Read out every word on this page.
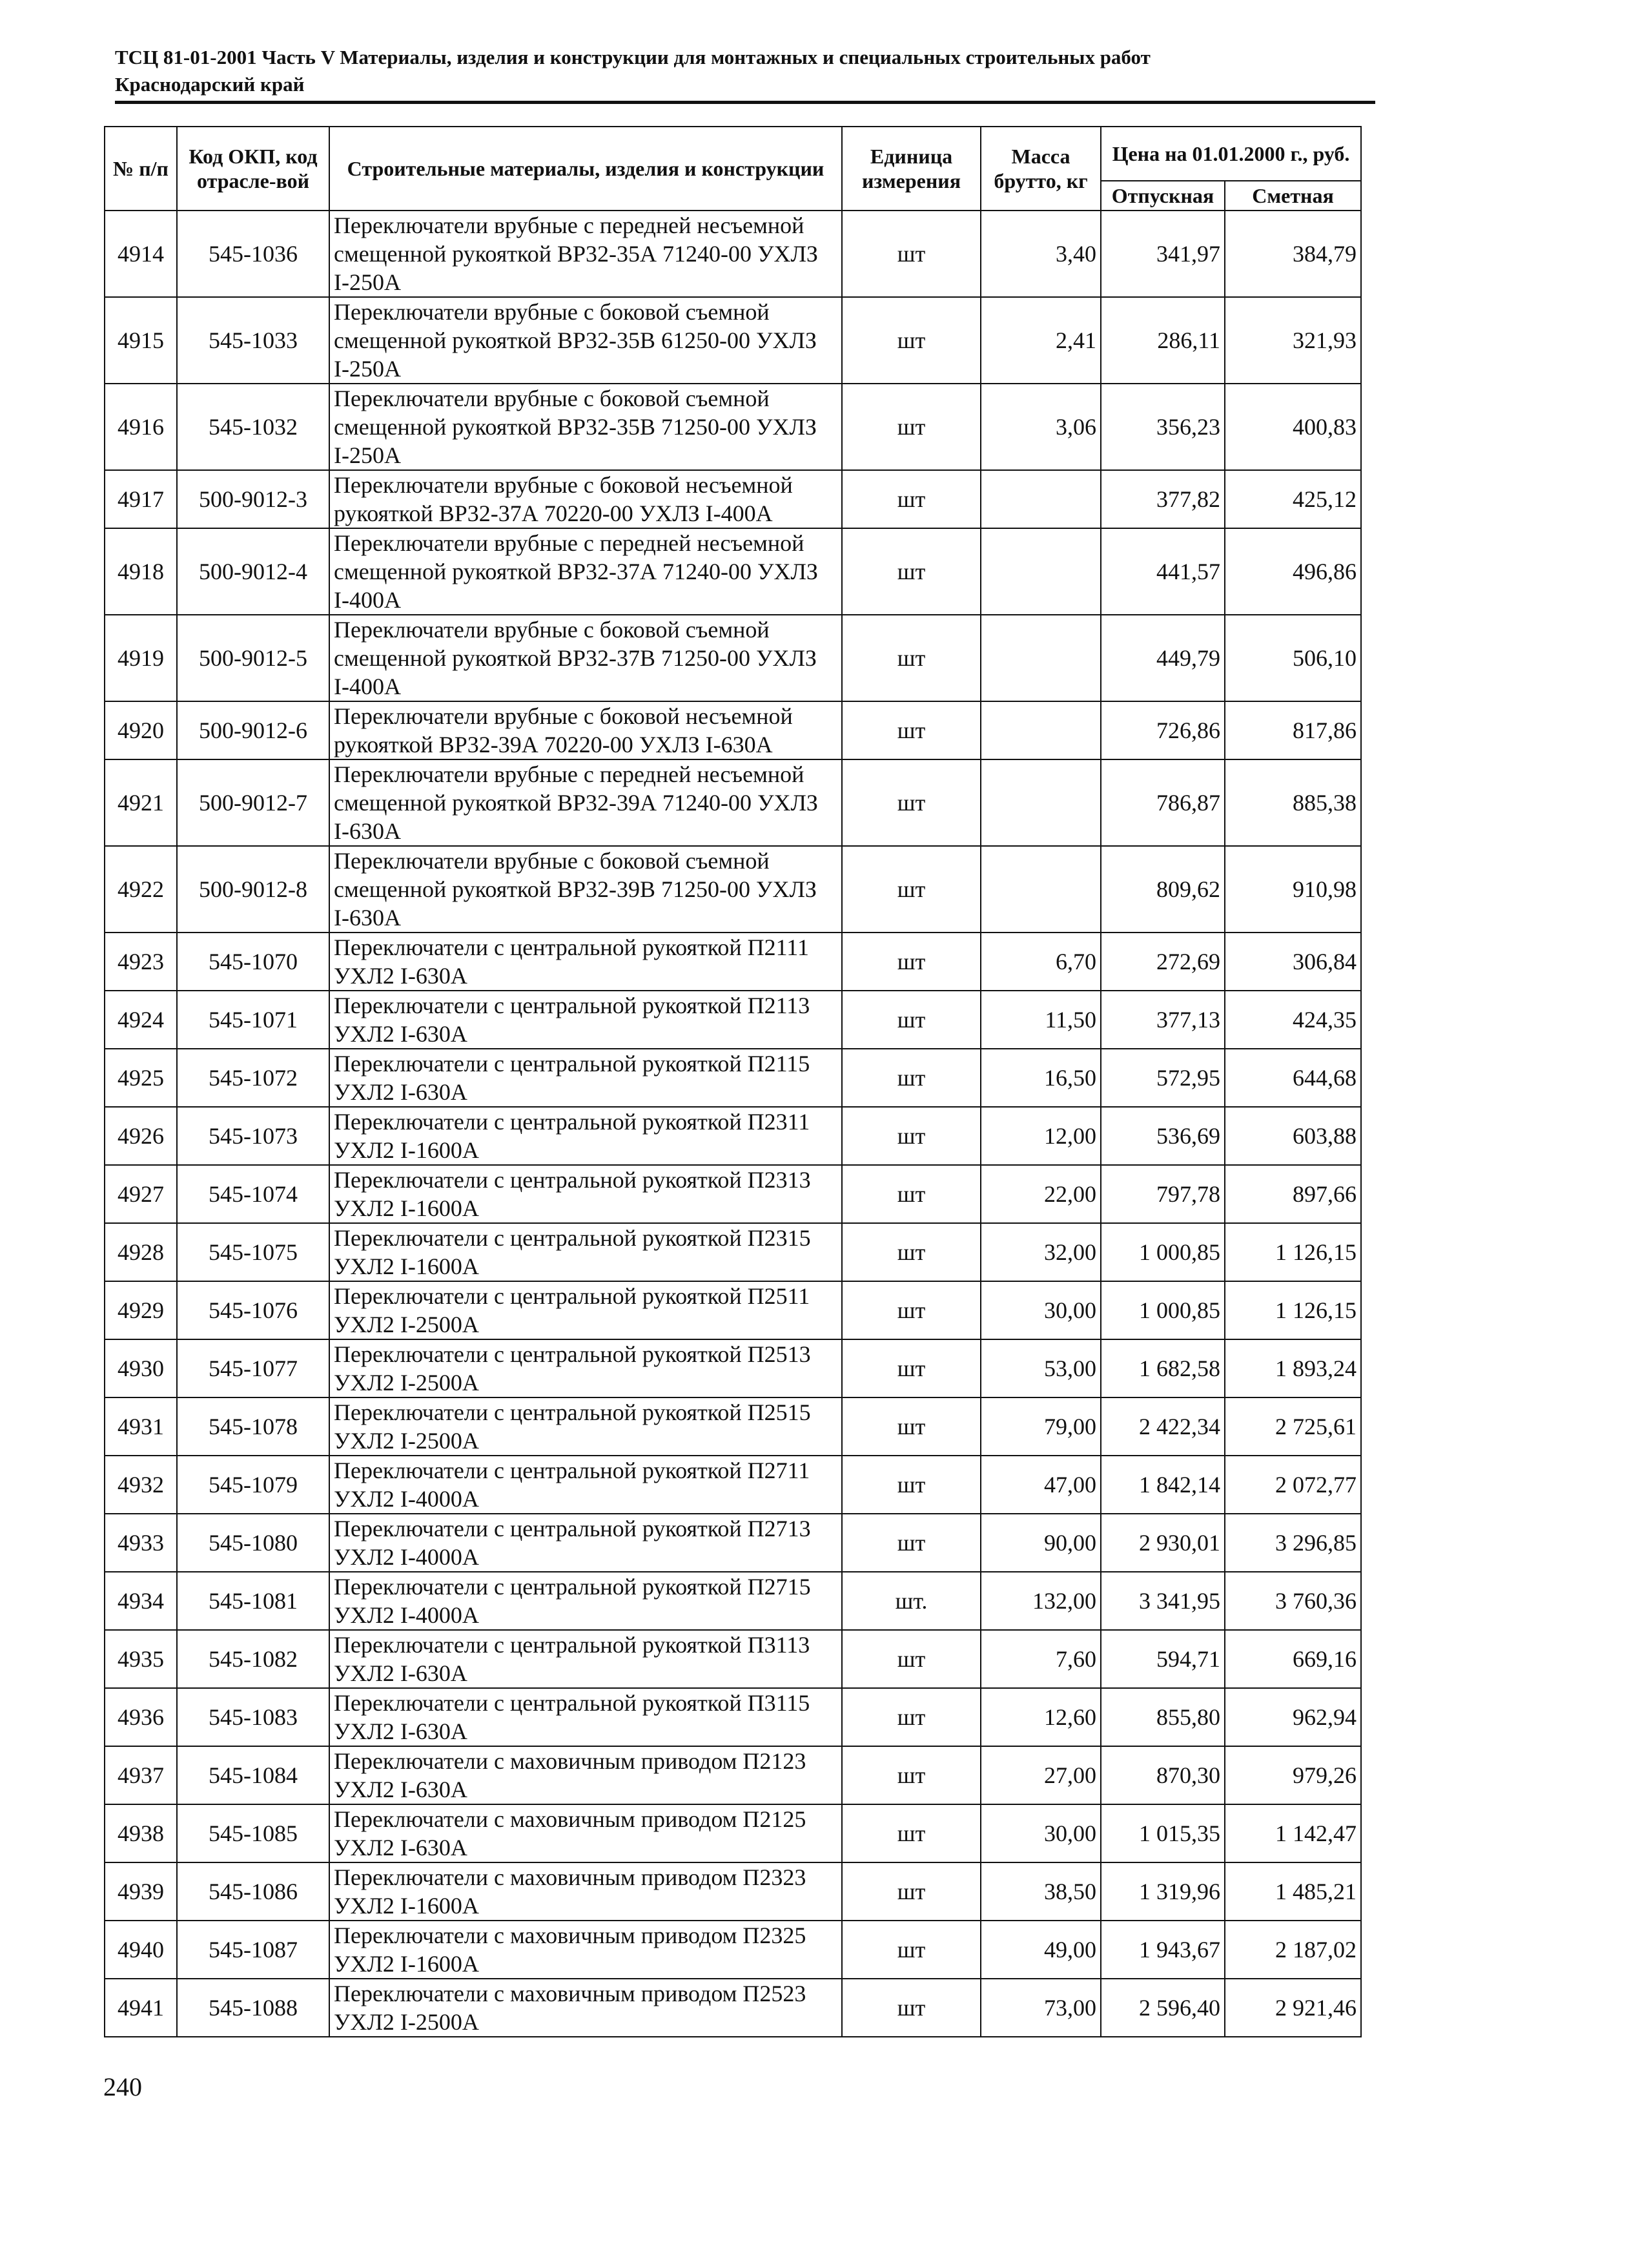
ТСЦ 81-01-2001 Часть V Материалы, изделия и конструкции для монтажных и специальных строительных работ
Краснодарский край
№ п/п	Код ОКП, код отрасле-вой	Строительные материалы, изделия и конструкции	Единица измерения	Масса брутто, кг	Цена на 01.01.2000 г., руб.	
					Отпускная	Сметная
4914	545-1036	Переключатели врубные с передней несъемной смещенной рукояткой ВР32-35А 71240-00 УХЛЗ I-250А	шт	3,40	341,97	384,79
4915	545-1033	Переключатели врубные с боковой съемной смещенной рукояткой ВР32-35В 61250-00 УХЛЗ I-250А	шт	2,41	286,11	321,93
4916	545-1032	Переключатели врубные с боковой съемной смещенной рукояткой ВР32-35В 71250-00 УХЛЗ I-250А	шт	3,06	356,23	400,83
4917	500-9012-3	Переключатели врубные с боковой несъемной рукояткой ВР32-37А 70220-00 УХЛЗ I-400А	шт		377,82	425,12
4918	500-9012-4	Переключатели врубные с передней несъемной смещенной рукояткой ВР32-37А 71240-00 УХЛЗ I-400А	шт		441,57	496,86
4919	500-9012-5	Переключатели врубные с боковой съемной смещенной рукояткой ВР32-37В 71250-00 УХЛЗ I-400А	шт		449,79	506,10
4920	500-9012-6	Переключатели врубные с боковой несъемной рукояткой ВР32-39А 70220-00 УХЛЗ I-630А	шт		726,86	817,86
4921	500-9012-7	Переключатели врубные с передней несъемной смещенной рукояткой ВР32-39А 71240-00 УХЛЗ I-630А	шт		786,87	885,38
4922	500-9012-8	Переключатели врубные с боковой съемной смещенной рукояткой ВР32-39В 71250-00 УХЛЗ I-630А	шт		809,62	910,98
4923	545-1070	Переключатели с центральной рукояткой П2111 УХЛ2 I-630А	шт	6,70	272,69	306,84
4924	545-1071	Переключатели с центральной рукояткой П2113 УХЛ2 I-630А	шт	11,50	377,13	424,35
4925	545-1072	Переключатели с центральной рукояткой П2115 УХЛ2 I-630А	шт	16,50	572,95	644,68
4926	545-1073	Переключатели с центральной рукояткой П2311 УХЛ2 I-1600А	шт	12,00	536,69	603,88
4927	545-1074	Переключатели с центральной рукояткой П2313 УХЛ2 I-1600А	шт	22,00	797,78	897,66
4928	545-1075	Переключатели с центральной рукояткой П2315 УХЛ2 I-1600А	шт	32,00	1 000,85	1 126,15
4929	545-1076	Переключатели с центральной рукояткой П2511 УХЛ2 I-2500А	шт	30,00	1 000,85	1 126,15
4930	545-1077	Переключатели с центральной рукояткой П2513 УХЛ2 I-2500А	шт	53,00	1 682,58	1 893,24
4931	545-1078	Переключатели с центральной рукояткой П2515 УХЛ2 I-2500А	шт	79,00	2 422,34	2 725,61
4932	545-1079	Переключатели с центральной рукояткой П2711 УХЛ2 I-4000А	шт	47,00	1 842,14	2 072,77
4933	545-1080	Переключатели с центральной рукояткой П2713 УХЛ2 I-4000А	шт	90,00	2 930,01	3 296,85
4934	545-1081	Переключатели с центральной рукояткой П2715 УХЛ2 I-4000А	шт.	132,00	3 341,95	3 760,36
4935	545-1082	Переключатели с центральной рукояткой П3113 УХЛ2 I-630А	шт	7,60	594,71	669,16
4936	545-1083	Переключатели с центральной рукояткой П3115 УХЛ2 I-630А	шт	12,60	855,80	962,94
4937	545-1084	Переключатели с маховичным приводом П2123 УХЛ2 I-630А	шт	27,00	870,30	979,26
4938	545-1085	Переключатели с маховичным приводом П2125 УХЛ2 I-630А	шт	30,00	1 015,35	1 142,47
4939	545-1086	Переключатели с маховичным приводом П2323 УХЛ2 I-1600А	шт	38,50	1 319,96	1 485,21
4940	545-1087	Переключатели с маховичным приводом П2325 УХЛ2 I-1600А	шт	49,00	1 943,67	2 187,02
4941	545-1088	Переключатели с маховичным приводом П2523 УХЛ2 I-2500А	шт	73,00	2 596,40	2 921,46
240
